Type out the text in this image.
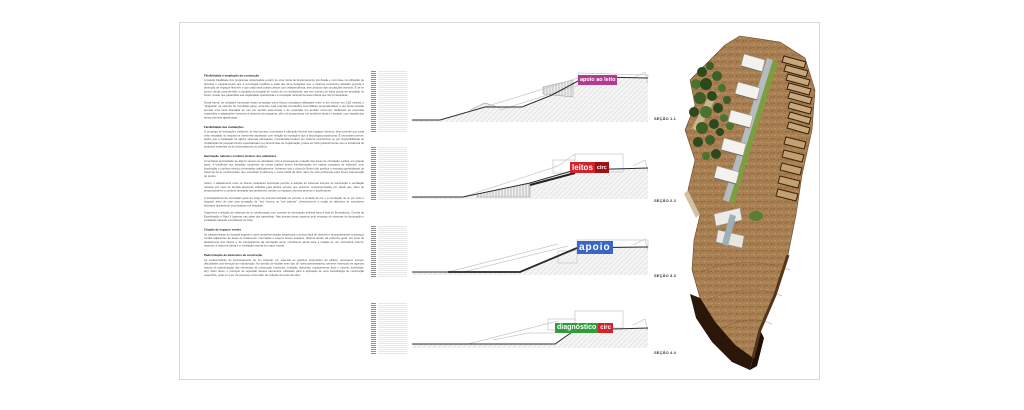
Flexibilidade e ampliação da construção

A natural fragilidade dos programas organizados a partir de uma rotina de funcionamento pré-fixada e com base na utilização de técnicas e equipamentos que a tecnologia modifica a cada dia torna desejável que o sistema construtivo adotado permita a obtenção de espaços flexíveis e que cada setor possa crescer com independência, sem prejuízo das circulações internas. É de se prever, ainda, para atender a condição do hospital de núcleo de um subsistema, que seu número de leitos possa ser ampliado no futuro, desde que garantidas sua capacidade operacional e a ocupação racional da área urbana que lhe foi destinada.

Desta forma, as unidades funcionais foram pensadas como blocos modulares afastados entre si (no mínimo em 3,65 metros) e "plugadas" na espinha de circulação geral, contendo suas próprias circulações secundárias perpendiculares a ela. Essa solução permite uma certa liberdade de uso (no sentido leste-oeste) e de expansão (no sentido norte-sul), facilitando as eventuais expansões e adaptações inerentes à natureza do programa, além de proporcionar um ambiente amplo e arejado, com visadas das áreas externas ajardinadas.

Flexibilidade das instalações

O emprego de tubulações visitáveis, de fácil acesso, necessário à utilização flexível dos espaços internos, deve permitir que cada setor instalado no hospital se mantenha atualizado com relação às inovações que a tecnologia proporciona. É necessário prever, ainda, que a instalação de alguns sistemas planejados, considerada inviável por motivos econômicos ou por impossibilidade de mobilização de pessoal técnico especializado na primeira fase de implantação, possa ser feita posteriormente sem a incidência de prejuízos materiais ou de funcionamento do edifício.

Iluminação natural e conforto térmico dos ambientes

A inevitável proximidade de alguns setores de atividades com a consequente redução das áreas de circulação explica, em grande parte, a tendência nos hospitais modernos de certas regiões serem transformadas em massa compacta de subsolos, com iluminação e conforto térmico controlados artificialmente. Achamos que o clima de Betim não justifica o emprego generalizado de sistemas de ar condicionado, que onerariam inutilmente o custo inicial da obra, além de criar problemas para futura manutenção do prédio.

Assim, o afastamento entre os blocos modulares funcionais permite a adoção de sistemas simples de iluminação e ventilação naturais por meio de amplas aberturas voltadas para jardins sempre que possível, complementadas por sheds que, além de proporcionarem o conforto desejado aos ambientes, tornam os espaços internos amenos e acolhedores.

A transparência da circulação geral ao longo da extensa fachada sul permite a entrada de luz e a circulação de ar por todo o hospital, além de criar uma sensação de "rua" interna ou "rua coberta", eliminando-se a noção de labirintos de corredores fechados tipicamente encontrados nos hospitais.

Sugerimos a adoção de sistemas de ar condicionado com controle de iluminação artificial para a sala de Emergência, Central de Esterilização e Raio X (apenas nas salas dos aparelhos). Nas demais áreas optamos pelo emprego de sistemas de iluminação e ventilação naturais controláveis ou fixas.

Criação de espaços verdes

As características do hospital sugerem como complementação terapêutica o acesso fácil de doentes e acompanhantes a espaços verdes adjacentes às áreas de tratamento, internação e espera. Esses espaços, abertos dentro da estrutura geral, por meio do afastamento dos blocos e da transparência da circulação geral, contribuem ainda para a criação de um microclima interno, trazendo a natureza direta e a ventilação natural em maior escala.

Padronização de elementos da construção

As características do funcionamento de um hospital, em especial as grandes proporções do edifício, acometem sempre dificuldades aos serviços de manutenção. No sentido de facilitar esse tipo de rotina administrativa, torna-se essencial um rigoroso estudo de padronização dos elementos de construção (estrutura, vedação, divisórias, equipamentos fixos e móveis, luminárias, etc). Além disso, o princípio de repetição desses elementos, utilizados para a aplicação de uma metodologia de construção específica, pode vir a ser de interesse como fator de redução do custo da obra.

apoio ao leito
SEÇÃO 1.1
leitos circ
SEÇÃO 2.2
apoio
SEÇÃO 3.3
diagnóstico circ
SEÇÃO 4.4
